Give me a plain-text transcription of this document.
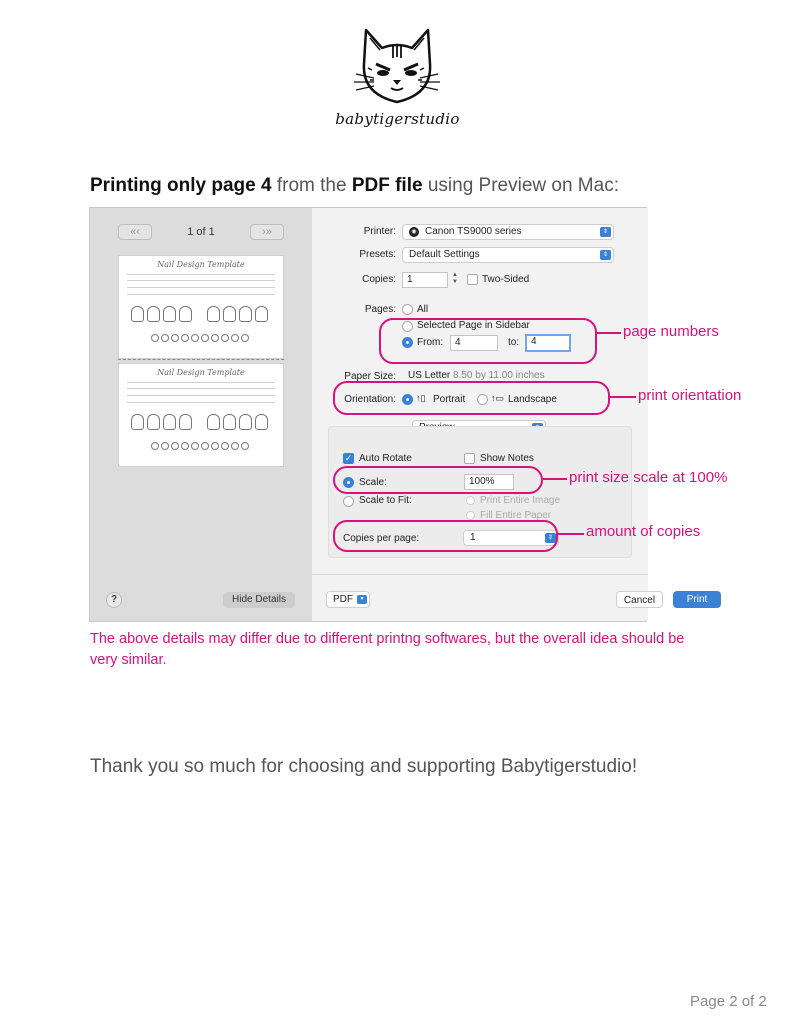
babytigerstudio
Printing only page 4 from the PDF file using Preview on Mac:
«‹	1 of 1	›»
Nail Design Template
Nail Design Template
?	Hide Details
Printer:	◉ Canon TS9000 series	⇕
Presets:	Default Settings	⇕
Copies:	1	▲
▼ Two-Sided
Pages: All
Selected Page in Sidebar
From:	4	to:	4
Paper Size:	US Letter 8.50 by 11.00 inches
Orientation: ↑▯ Portrait	↑▭ Landscape
✓ Auto Rotate	Show Notes
Scale:	100%
Scale to Fit:	Print Entire Image
Fill Entire Paper
Copies per page:	1	⇕
PDF	▾	Cancel	Print
page numbers
print orientation
print size scale at 100%
amount of copies
The above details may differ due to different printng softwares, but the overall idea should be very similar.
Thank you so much for choosing and supporting Babytigerstudio!
Page 2 of 2
